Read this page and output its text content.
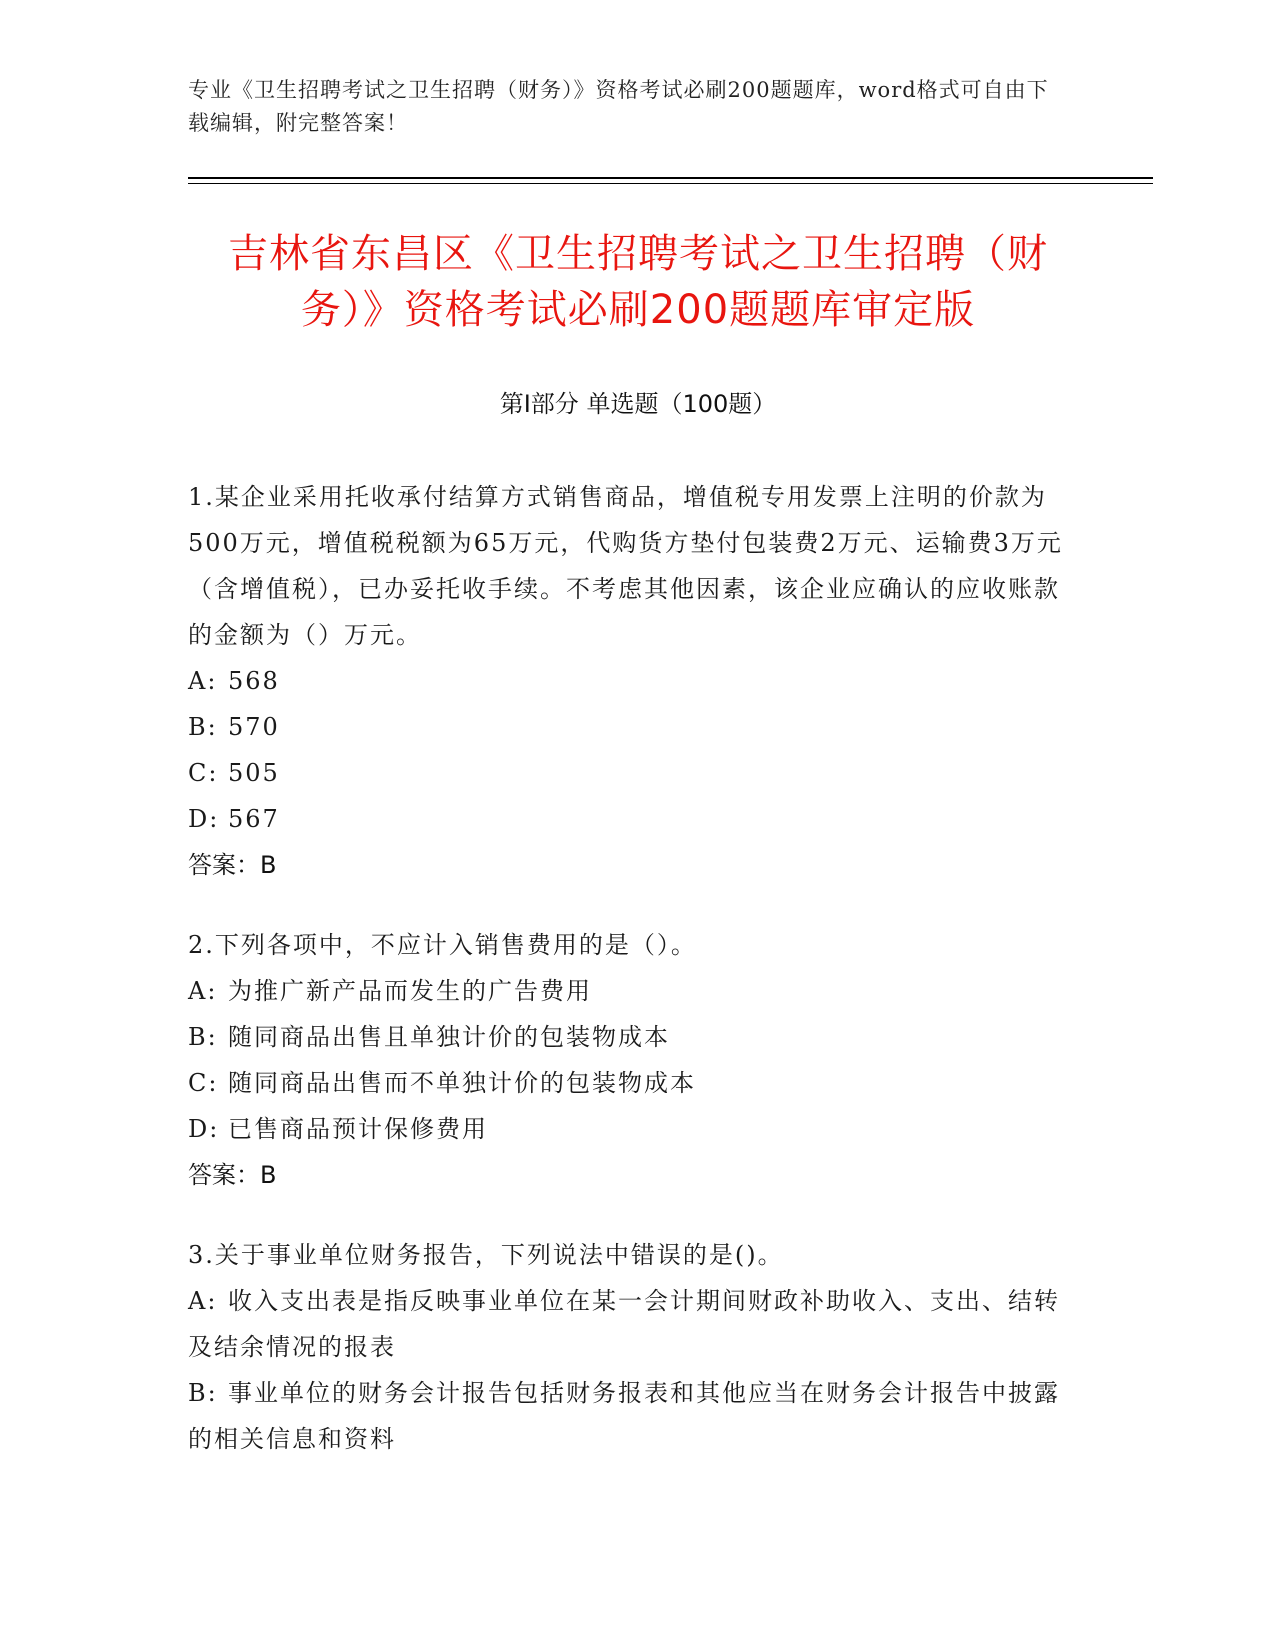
专业《卫生招聘考试之卫生招聘（财务）》资格考试必刷200题题库，word格式可自由下载编辑，附完整答案！
吉林省东昌区《卫生招聘考试之卫生招聘（财务）》资格考试必刷200题题库审定版
第I部分 单选题（100题）

1.某企业采用托收承付结算方式销售商品，增值税专用发票上注明的价款为500万元，增值税税额为65万元，代购货方垫付包装费2万元、运输费3万元（含增值税），已办妥托收手续。不考虑其他因素，该企业应确认的应收账款的金额为（）万元。

A: 568

B: 570

C: 505

D: 567

答案：B

2.下列各项中，不应计入销售费用的是（）。

A: 为推广新产品而发生的广告费用

B: 随同商品出售且单独计价的包装物成本

C: 随同商品出售而不单独计价的包装物成本

D: 已售商品预计保修费用

答案：B

3.关于事业单位财务报告，下列说法中错误的是()。

A: 收入支出表是指反映事业单位在某一会计期间财政补助收入、支出、结转及结余情况的报表

B: 事业单位的财务会计报告包括财务报表和其他应当在财务会计报告中披露的相关信息和资料
